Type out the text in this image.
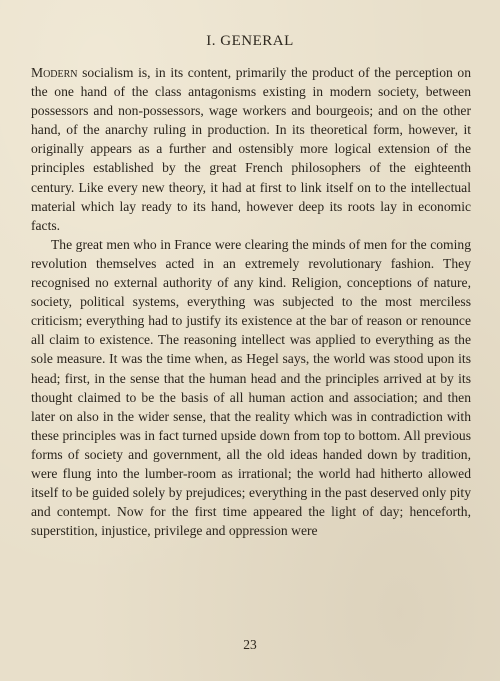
I. GENERAL

Modern socialism is, in its content, primarily the product of the perception on the one hand of the class antagonisms existing in modern society, between possessors and non-possessors, wage workers and bourgeois; and on the other hand, of the anarchy ruling in production. In its theoretical form, however, it originally appears as a further and ostensibly more logical extension of the principles established by the great French philosophers of the eighteenth century. Like every new theory, it had at first to link itself on to the intellectual material which lay ready to its hand, however deep its roots lay in economic facts.

The great men who in France were clearing the minds of men for the coming revolution themselves acted in an extremely revolutionary fashion. They recognised no external authority of any kind. Religion, conceptions of nature, society, political systems, everything was subjected to the most merciless criticism; everything had to justify its existence at the bar of reason or renounce all claim to existence. The reasoning intellect was applied to everything as the sole measure. It was the time when, as Hegel says, the world was stood upon its head; first, in the sense that the human head and the principles arrived at by its thought claimed to be the basis of all human action and association; and then later on also in the wider sense, that the reality which was in contradiction with these principles was in fact turned upside down from top to bottom. All previous forms of society and government, all the old ideas handed down by tradition, were flung into the lumber-room as irrational; the world had hitherto allowed itself to be guided solely by prejudices; everything in the past deserved only pity and contempt. Now for the first time appeared the light of day; henceforth, superstition, injustice, privilege and oppression were

23
